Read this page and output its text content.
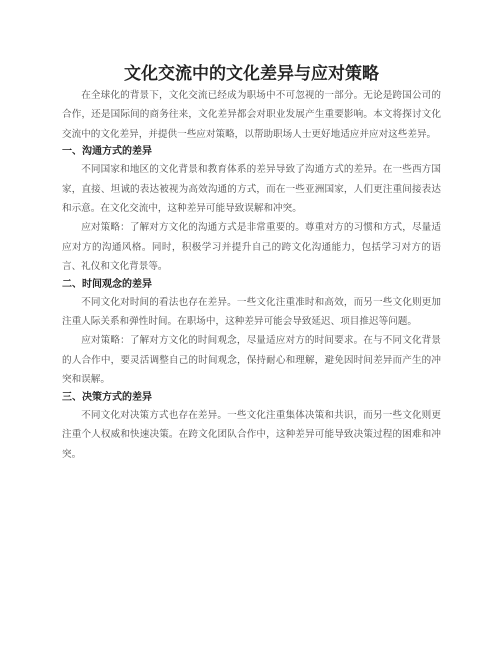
文化交流中的文化差异与应对策略

在全球化的背景下，文化交流已经成为职场中不可忽视的一部分。无论是跨国公司的合作，还是国际间的商务往来，文化差异都会对职业发展产生重要影响。本文将探讨文化交流中的文化差异，并提供一些应对策略，以帮助职场人士更好地适应并应对这些差异。

一、沟通方式的差异

不同国家和地区的文化背景和教育体系的差异导致了沟通方式的差异。在一些西方国家，直接、坦诚的表达被视为高效沟通的方式，而在一些亚洲国家，人们更注重间接表达和示意。在文化交流中，这种差异可能导致误解和冲突。

应对策略：了解对方文化的沟通方式是非常重要的。尊重对方的习惯和方式，尽量适应对方的沟通风格。同时，积极学习并提升自己的跨文化沟通能力，包括学习对方的语言、礼仪和文化背景等。

二、时间观念的差异

不同文化对时间的看法也存在差异。一些文化注重准时和高效，而另一些文化则更加注重人际关系和弹性时间。在职场中，这种差异可能会导致延迟、项目推迟等问题。

应对策略：了解对方文化的时间观念，尽量适应对方的时间要求。在与不同文化背景的人合作中，要灵活调整自己的时间观念，保持耐心和理解，避免因时间差异而产生的冲突和误解。

三、决策方式的差异

不同文化对决策方式也存在差异。一些文化注重集体决策和共识，而另一些文化则更注重个人权威和快速决策。在跨文化团队合作中，这种差异可能导致决策过程的困难和冲突。
